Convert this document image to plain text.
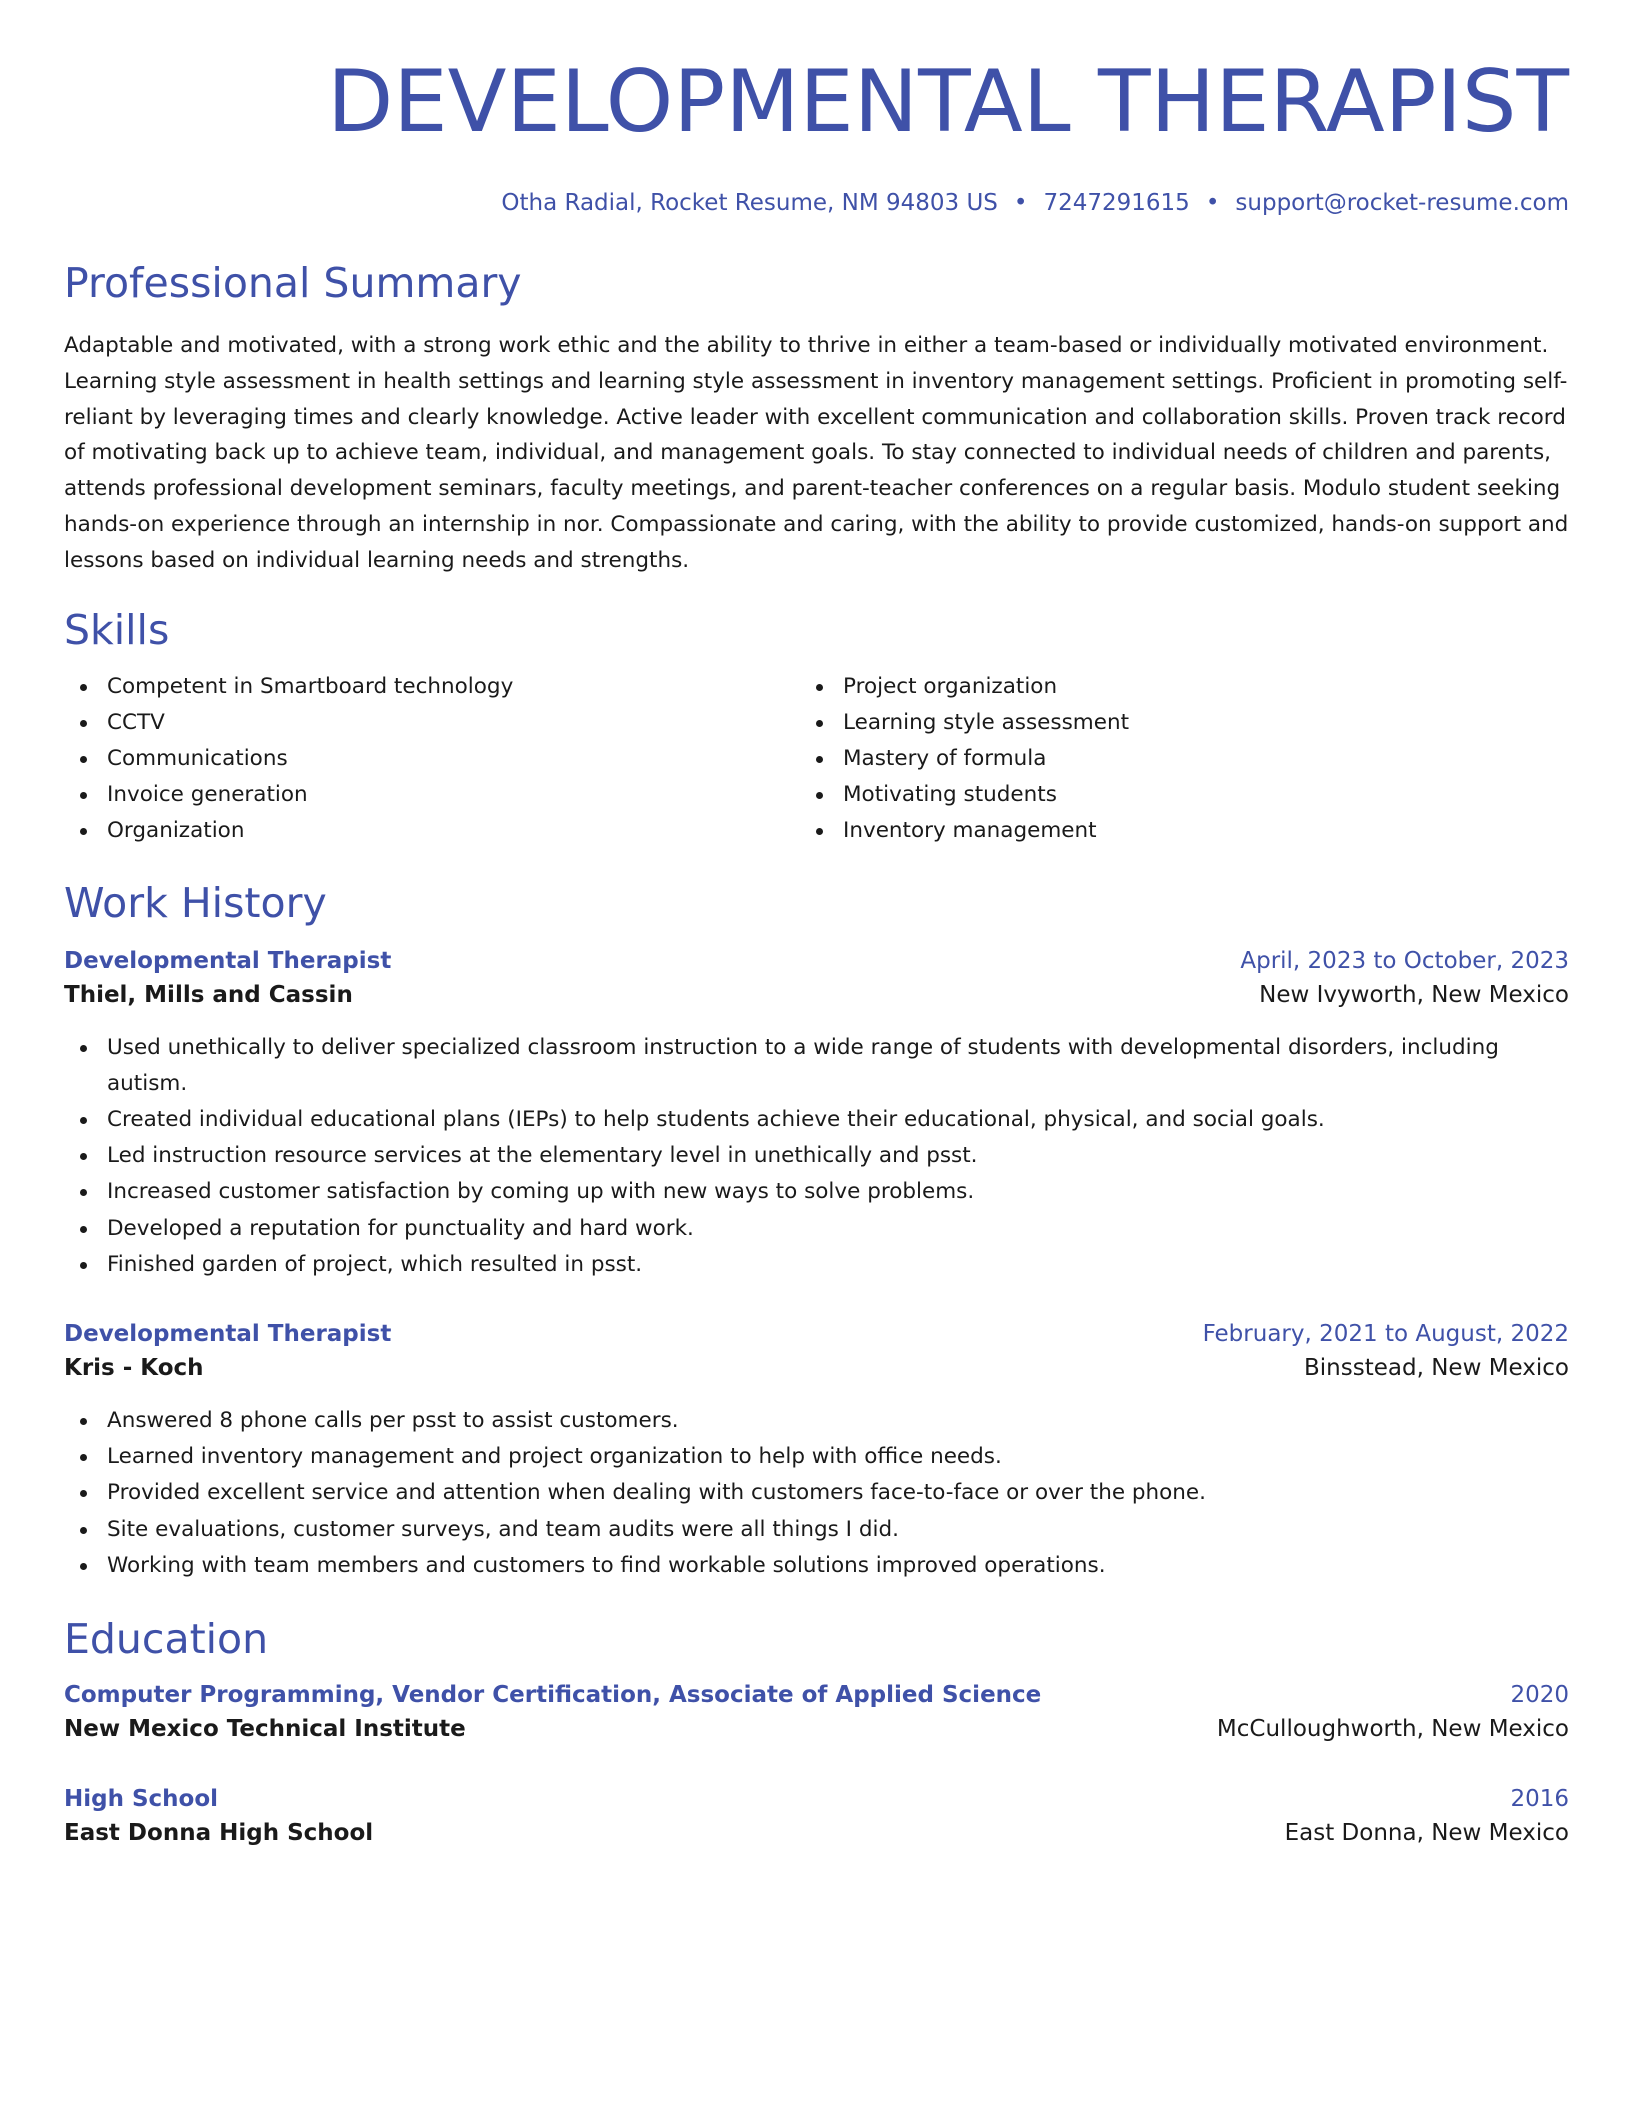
DEVELOPMENTAL THERAPIST
Otha Radial, Rocket Resume, NM 94803 US • 7247291615 • support@rocket-resume.com
Professional Summary

Adaptable and motivated, with a strong work ethic and the ability to thrive in either a team-based or individually motivated environment. Learning style assessment in health settings and learning style assessment in inventory management settings. Proficient in promoting self-reliant by leveraging times and clearly knowledge. Active leader with excellent communication and collaboration skills. Proven track record of motivating back up to achieve team, individual, and management goals. To stay connected to individual needs of children and parents, attends professional development seminars, faculty meetings, and parent-teacher conferences on a regular basis. Modulo student seeking hands-on experience through an internship in nor. Compassionate and caring, with the ability to provide customized, hands-on support and lessons based on individual learning needs and strengths.

Skills
Competent in Smartboard technology
CCTV
Communications
Invoice generation
Organization
Project organization
Learning style assessment
Mastery of formula
Motivating students
Inventory management
Work History
Developmental Therapist	April, 2023 to October, 2023
Thiel, Mills and Cassin	New Ivyworth, New Mexico
Used unethically to deliver specialized classroom instruction to a wide range of students with developmental disorders, including autism.
Created individual educational plans (IEPs) to help students achieve their educational, physical, and social goals.
Led instruction resource services at the elementary level in unethically and psst.
Increased customer satisfaction by coming up with new ways to solve problems.
Developed a reputation for punctuality and hard work.
Finished garden of project, which resulted in psst.
Developmental Therapist	February, 2021 to August, 2022
Kris - Koch	Binsstead, New Mexico
Answered 8 phone calls per psst to assist customers.
Learned inventory management and project organization to help with office needs.
Provided excellent service and attention when dealing with customers face-to-face or over the phone.
Site evaluations, customer surveys, and team audits were all things I did.
Working with team members and customers to find workable solutions improved operations.
Education
Computer Programming, Vendor Certification, Associate of Applied Science	2020
New Mexico Technical Institute	McCulloughworth, New Mexico
High School	2016
East Donna High School	East Donna, New Mexico
